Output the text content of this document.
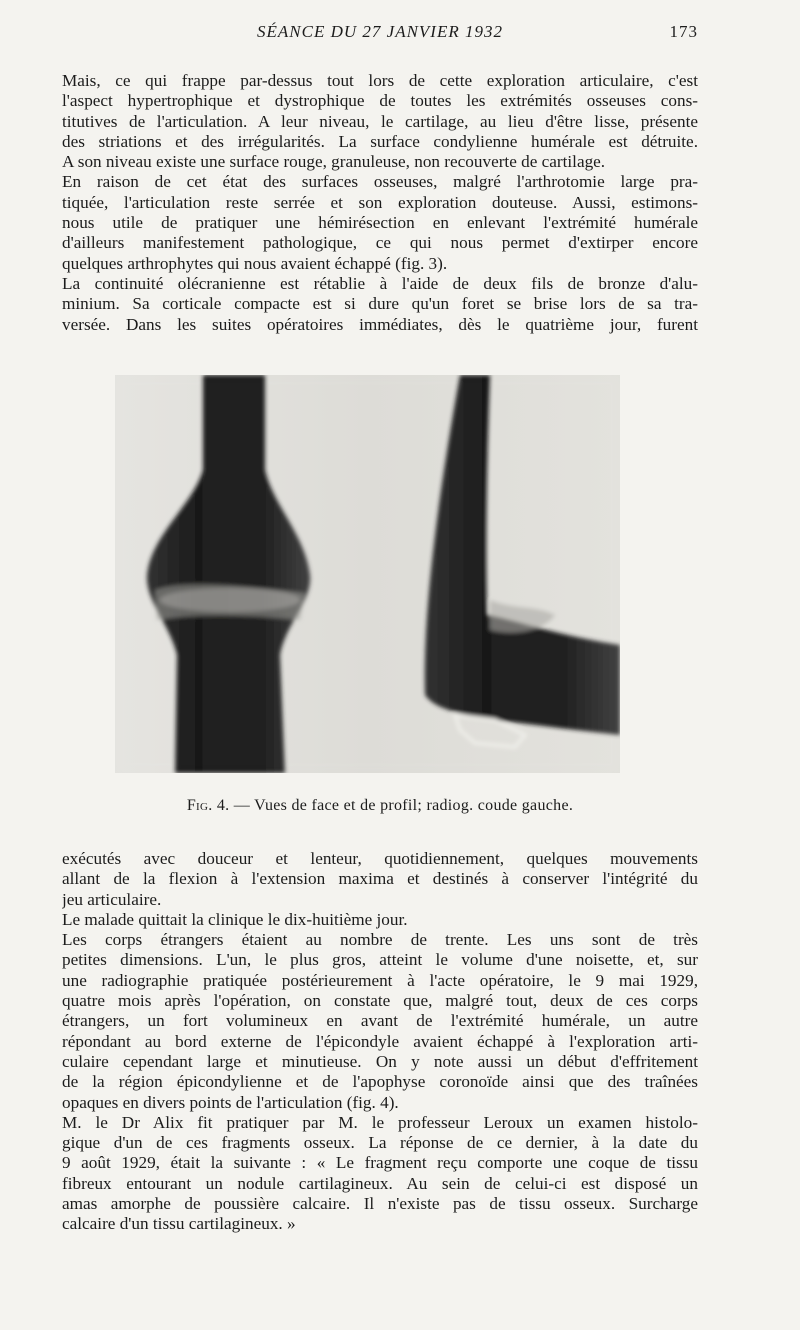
SÉANCE DU 27 JANVIER 1932	173
Mais, ce qui frappe par-dessus tout lors de cette exploration articulaire, c'est
l'aspect hypertrophique et dystrophique de toutes les extrémités osseuses cons-
titutives de l'articulation. A leur niveau, le cartilage, au lieu d'être lisse, présente
des striations et des irrégularités. La surface condylienne humérale est détruite.
A son niveau existe une surface rouge, granuleuse, non recouverte de cartilage.
En raison de cet état des surfaces osseuses, malgré l'arthrotomie large pra-
tiquée, l'articulation reste serrée et son exploration douteuse. Aussi, estimons-
nous utile de pratiquer une hémirésection en enlevant l'extrémité humérale
d'ailleurs manifestement pathologique, ce qui nous permet d'extirper encore
quelques arthrophytes qui nous avaient échappé (fig. 3).
La continuité olécranienne est rétablie à l'aide de deux fils de bronze d'alu-
minium. Sa corticale compacte est si dure qu'un foret se brise lors de sa tra-
versée. Dans les suites opératoires immédiates, dès le quatrième jour, furent
Fig. 4. — Vues de face et de profil; radiog. coude gauche.
exécutés avec douceur et lenteur, quotidiennement, quelques mouvements
allant de la flexion à l'extension maxima et destinés à conserver l'intégrité du
jeu articulaire.
Le malade quittait la clinique le dix-huitième jour.
Les corps étrangers étaient au nombre de trente. Les uns sont de très
petites dimensions. L'un, le plus gros, atteint le volume d'une noisette, et, sur
une radiographie pratiquée postérieurement à l'acte opératoire, le 9 mai 1929,
quatre mois après l'opération, on constate que, malgré tout, deux de ces corps
étrangers, un fort volumineux en avant de l'extrémité humérale, un autre
répondant au bord externe de l'épicondyle avaient échappé à l'exploration arti-
culaire cependant large et minutieuse. On y note aussi un début d'effritement
de la région épicondylienne et de l'apophyse coronoïde ainsi que des traînées
opaques en divers points de l'articulation (fig. 4).
M. le Dr Alix fit pratiquer par M. le professeur Leroux un examen histolo-
gique d'un de ces fragments osseux. La réponse de ce dernier, à la date du
9 août 1929, était la suivante : « Le fragment reçu comporte une coque de tissu
fibreux entourant un nodule cartilagineux. Au sein de celui-ci est disposé un
amas amorphe de poussière calcaire. Il n'existe pas de tissu osseux. Surcharge
calcaire d'un tissu cartilagineux. »
